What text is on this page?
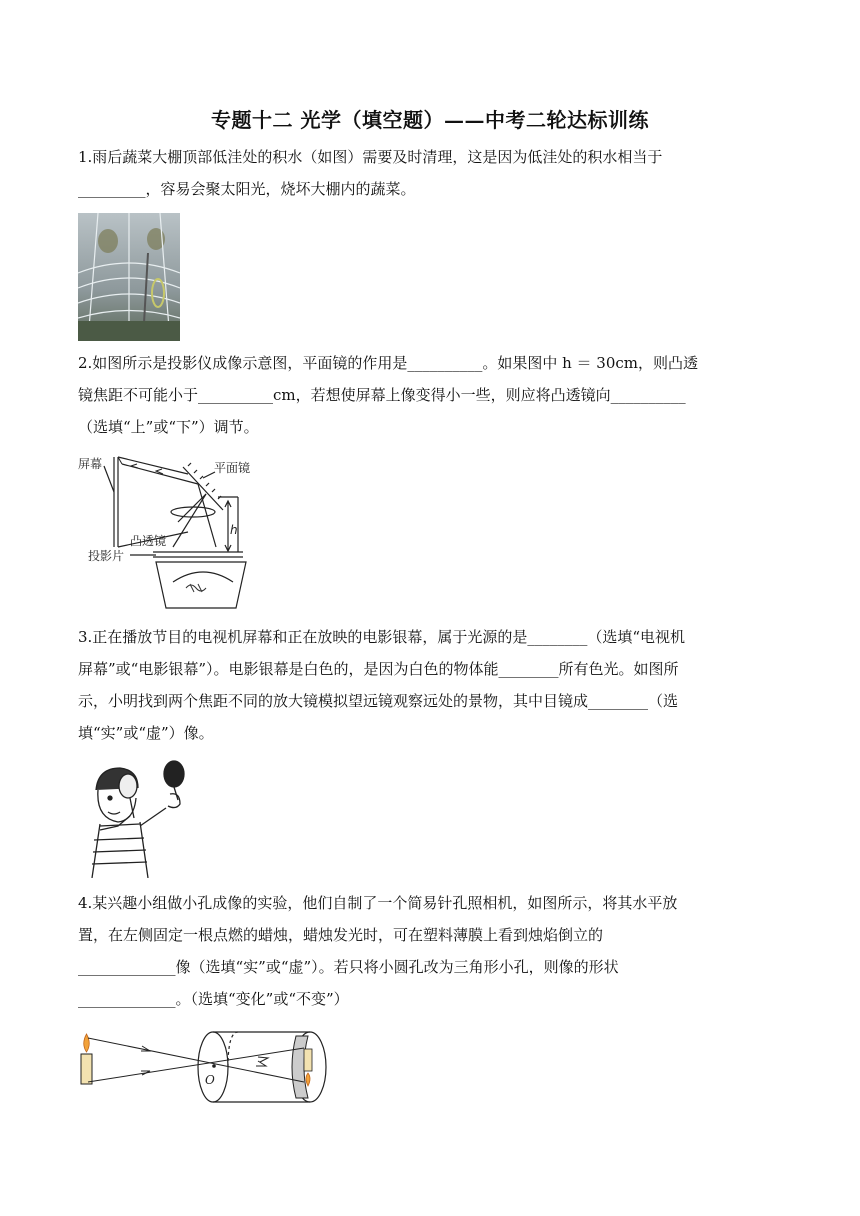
专题十二 光学（填空题）——中考二轮达标训练
1.雨后蔬菜大棚顶部低洼处的积水（如图）需要及时清理，这是因为低洼处的积水相当于
_________，容易会聚太阳光，烧坏大棚内的蔬菜。
2.如图所示是投影仪成像示意图，平面镜的作用是__________。如果图中 h ＝ 30cm，则凸透
镜焦距不可能小于__________cm，若想使屏幕上像变得小一些，则应将凸透镜向__________
（选填“上”或“下”）调节。
屏幕	平面镜
h
凸透镜
投影片
3.正在播放节目的电视机屏幕和正在放映的电影银幕，属于光源的是________（选填“电视机
屏幕”或“电影银幕”）。电影银幕是白色的，是因为白色的物体能________所有色光。如图所
示，小明找到两个焦距不同的放大镜模拟望远镜观察远处的景物，其中目镜成________（选
填“实”或“虚”）像。
4.某兴趣小组做小孔成像的实验，他们自制了一个简易针孔照相机，如图所示，将其水平放
置，在左侧固定一根点燃的蜡烛，蜡烛发光时，可在塑料薄膜上看到烛焰倒立的
_____________像（选填“实”或“虚”）。若只将小圆孔改为三角形小孔，则像的形状
_____________。（选填“变化”或“不变”）
O
